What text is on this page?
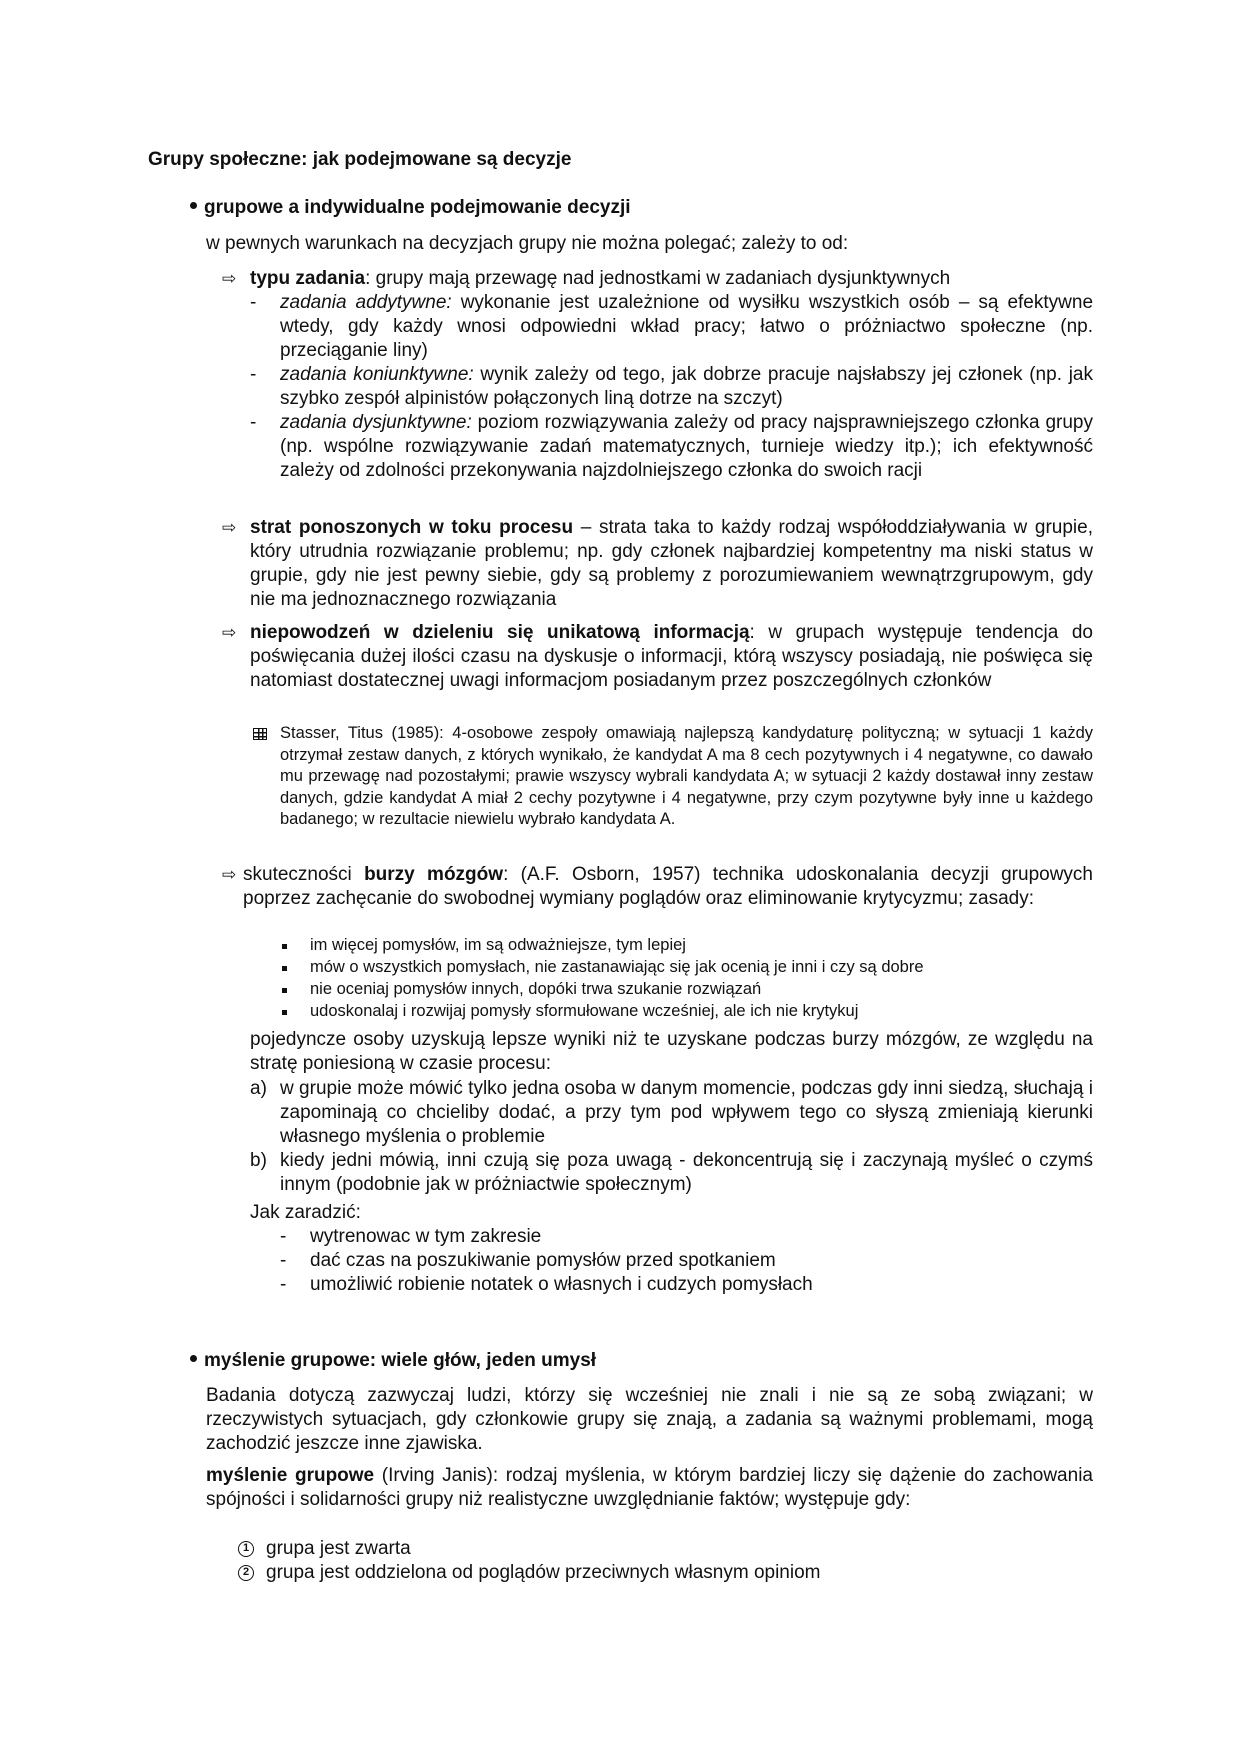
Grupy społeczne: jak podejmowane są decyzje
grupowe a indywidualne podejmowanie decyzji
w pewnych warunkach na decyzjach grupy nie można polegać; zależy to od:
⇨ typu zadania: grupy mają przewagę nad jednostkami w zadaniach dysjunktywnych
- zadania addytywne: wykonanie jest uzależnione od wysiłku wszystkich osób – są efektywne wtedy, gdy każdy wnosi odpowiedni wkład pracy; łatwo o próżniactwo społeczne (np. przeciąganie liny)
- zadania koniunktywne: wynik zależy od tego, jak dobrze pracuje najsłabszy jej członek (np. jak szybko zespół alpinistów połączonych liną dotrze na szczyt)
- zadania dysjunktywne: poziom rozwiązywania zależy od pracy najsprawniejszego członka grupy (np. wspólne rozwiązywanie zadań matematycznych, turnieje wiedzy itp.); ich efektywność zależy od zdolności przekonywania najzdolniejszego członka do swoich racji
⇨ strat ponoszonych w toku procesu – strata taka to każdy rodzaj współoddziaływania w grupie, który utrudnia rozwiązanie problemu; np. gdy członek najbardziej kompetentny ma niski status w grupie, gdy nie jest pewny siebie, gdy są problemy z porozumiewaniem wewnątrzgrupowym, gdy nie ma jednoznacznego rozwiązania
⇨ niepowodzeń w dzieleniu się unikatową informacją: w grupach występuje tendencja do poświęcania dużej ilości czasu na dyskusje o informacji, którą wszyscy posiadają, nie poświęca się natomiast dostatecznej uwagi informacjom posiadanym przez poszczególnych członków
Stasser, Titus (1985): 4-osobowe zespoły omawiają najlepszą kandydaturę polityczną; w sytuacji 1 każdy otrzymał zestaw danych, z których wynikało, że kandydat A ma 8 cech pozytywnych i 4 negatywne, co dawało mu przewagę nad pozostałymi; prawie wszyscy wybrali kandydata A; w sytuacji 2 każdy dostawał inny zestaw danych, gdzie kandydat A miał 2 cechy pozytywne i 4 negatywne, przy czym pozytywne były inne u każdego badanego; w rezultacie niewielu wybrało kandydata A.
⇨ skuteczności burzy mózgów: (A.F. Osborn, 1957) technika udoskonalania decyzji grupowych poprzez zachęcanie do swobodnej wymiany poglądów oraz eliminowanie krytycyzmu; zasady:
im więcej pomysłów, im są odważniejsze, tym lepiej
mów o wszystkich pomysłach, nie zastanawiając się jak ocenią je inni i czy są dobre
nie oceniaj pomysłów innych, dopóki trwa szukanie rozwiązań
udoskonalaj i rozwijaj pomysły sformułowane wcześniej, ale ich nie krytykuj
pojedyncze osoby uzyskują lepsze wyniki niż te uzyskane podczas burzy mózgów, ze względu na stratę poniesioną w czasie procesu:
a) w grupie może mówić tylko jedna osoba w danym momencie, podczas gdy inni siedzą, słuchają i zapominają co chcieliby dodać, a przy tym pod wpływem tego co słyszą zmieniają kierunki własnego myślenia o problemie
b) kiedy jedni mówią, inni czują się poza uwagą - dekoncentrują się i zaczynają myśleć o czymś innym (podobnie jak w próżniactwie społecznym)
Jak zaradzić:
- wytrenowac w tym zakresie
- dać czas na poszukiwanie pomysłów przed spotkaniem
- umożliwić robienie notatek o własnych i cudzych pomysłach
myślenie grupowe: wiele głów, jeden umysł
Badania dotyczą zazwyczaj ludzi, którzy się wcześniej nie znali i nie są ze sobą związani; w rzeczywistych sytuacjach, gdy członkowie grupy się znają, a zadania są ważnymi problemami, mogą zachodzić jeszcze inne zjawiska.
myślenie grupowe (Irving Janis): rodzaj myślenia, w którym bardziej liczy się dążenie do zachowania spójności i solidarności grupy niż realistyczne uwzględnianie faktów; występuje gdy:
1 grupa jest zwarta
2 grupa jest oddzielona od poglądów przeciwnych własnym opiniom
